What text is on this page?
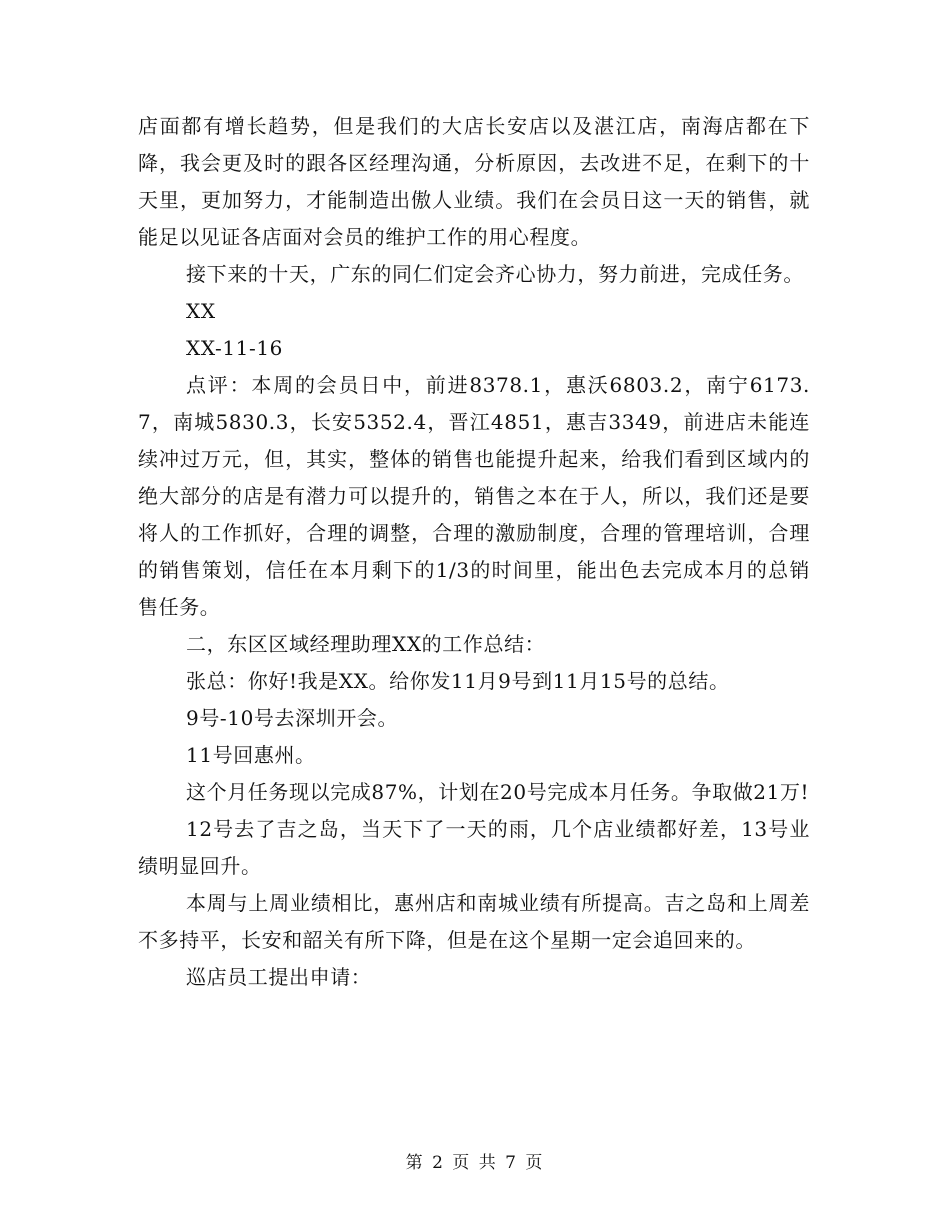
店面都有增长趋势，但是我们的大店长安店以及湛江店，南海店都在下降，我会更及时的跟各区经理沟通，分析原因，去改进不足，在剩下的十天里，更加努力，才能制造出傲人业绩。我们在会员日这一天的销售，就能足以见证各店面对会员的维护工作的用心程度。

接下来的十天，广东的同仁们定会齐心协力，努力前进，完成任务。

XX

XX-11-16

点评：本周的会员日中，前进8378.1，惠沃6803.2，南宁6173.7，南城5830.3，长安5352.4，晋江4851，惠吉3349，前进店未能连续冲过万元，但，其实，整体的销售也能提升起来，给我们看到区域内的绝大部分的店是有潜力可以提升的，销售之本在于人，所以，我们还是要将人的工作抓好，合理的调整，合理的激励制度，合理的管理培训，合理的销售策划，信任在本月剩下的1/3的时间里，能出色去完成本月的总销售任务。

二，东区区域经理助理XX的工作总结：

张总：你好!我是XX。给你发11月9号到11月15号的总结。

9号-10号去深圳开会。

11号回惠州。

这个月任务现以完成87%，计划在20号完成本月任务。争取做21万!

12号去了吉之岛，当天下了一天的雨，几个店业绩都好差，13号业绩明显回升。

本周与上周业绩相比，惠州店和南城业绩有所提高。吉之岛和上周差不多持平，长安和韶关有所下降，但是在这个星期一定会追回来的。

巡店员工提出申请：

第 2 页 共 7 页
